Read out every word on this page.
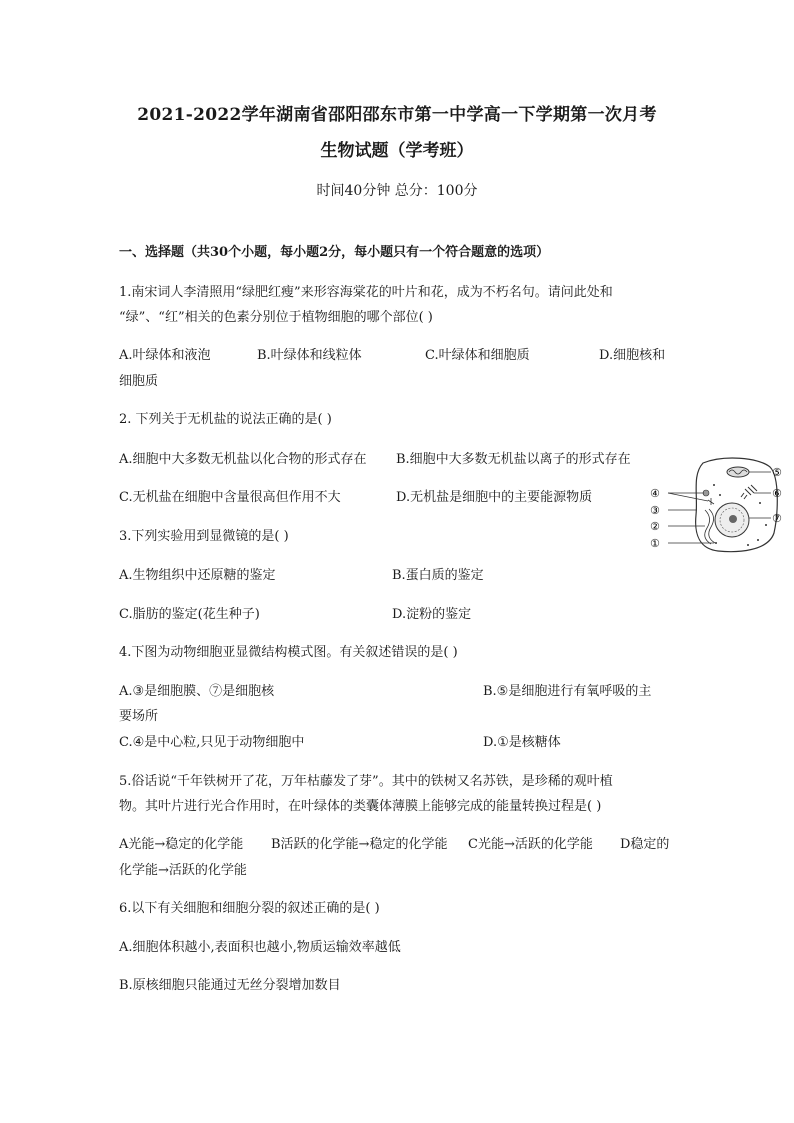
2021-2022学年湖南省邵阳邵东市第一中学高一下学期第一次月考
生物试题（学考班）
时间40分钟 总分：100分
一、选择题（共30个小题，每小题2分，每小题只有一个符合题意的选项）
1.南宋词人李清照用“绿肥红瘦”来形容海棠花的叶片和花，成为不朽名句。请问此处和
“绿”、“红”相关的色素分别位于植物细胞的哪个部位( )
A.叶绿体和液泡	B.叶绿体和线粒体	C.叶绿体和细胞质	D.细胞核和
细胞质
2. 下列关于无机盐的说法正确的是( )
A.细胞中大多数无机盐以化合物的形式存在 B.细胞中大多数无机盐以离子的形式存在
C.无机盐在细胞中含量很高但作用不大	D.无机盐是细胞中的主要能源物质
3.下列实验用到显微镜的是( )
A.生物组织中还原糖的鉴定	B.蛋白质的鉴定
C.脂肪的鉴定(花生种子)	D.淀粉的鉴定
4.下图为动物细胞亚显微结构模式图。有关叙述错误的是( )
A.③是细胞膜、⑦是细胞核	B.⑤是细胞进行有氧呼吸的主
要场所
C.④是中心粒,只见于动物细胞中	D.①是核糖体
5.俗话说“千年铁树开了花，万年枯藤发了芽”。其中的铁树又名苏铁，是珍稀的观叶植
物。其叶片进行光合作用时，在叶绿体的类囊体薄膜上能够完成的能量转换过程是( )
A光能→稳定的化学能 B活跃的化学能→稳定的化学能 C光能→活跃的化学能 D稳定的
化学能→活跃的化学能
6.以下有关细胞和细胞分裂的叙述正确的是( )
A.细胞体积越小,表面积也越小,物质运输效率越低
B.原核细胞只能通过无丝分裂增加数目
④
③
②
①
⑤
⑥
⑦
